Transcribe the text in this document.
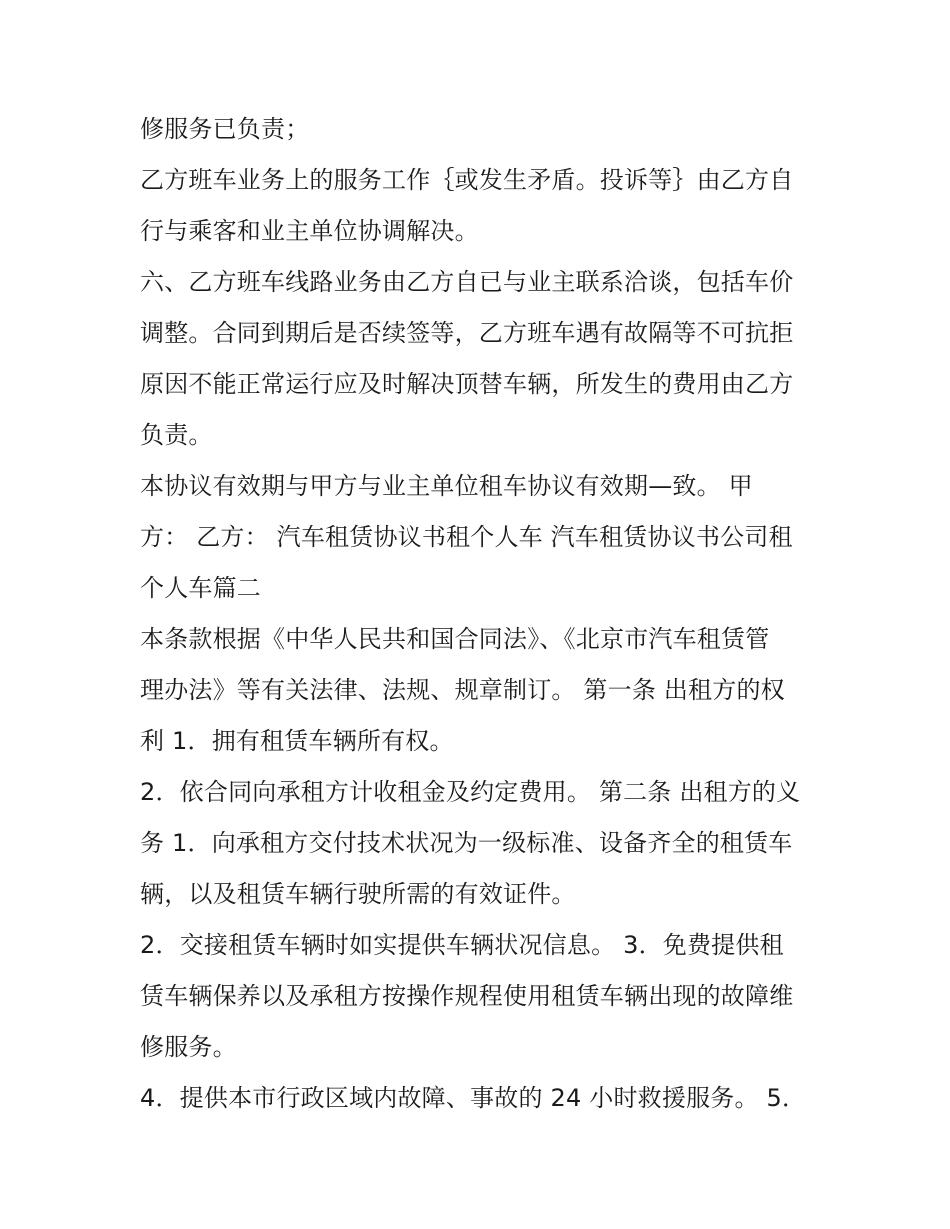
修服务已负责；
乙方班车业务上的服务工作｛或发生矛盾。投诉等｝由乙方自
行与乘客和业主单位协调解决。
六、乙方班车线路业务由乙方自已与业主联系洽谈，包括车价
调整。合同到期后是否续签等，乙方班车遇有故隔等不可抗拒
原因不能正常运行应及时解决顶替车辆，所发生的费用由乙方
负责。
本协议有效期与甲方与业主单位租车协议有效期—致。 甲
方： 乙方： 汽车租赁协议书租个人车 汽车租赁协议书公司租
个人车篇二
本条款根据《中华人民共和国合同法》、《北京市汽车租赁管
理办法》等有关法律、法规、规章制订。 第一条 出租方的权
利 1．拥有租赁车辆所有权。
2．依合同向承租方计收租金及约定费用。 第二条 出租方的义
务 1．向承租方交付技术状况为一级标准、设备齐全的租赁车
辆，以及租赁车辆行驶所需的有效证件。
2．交接租赁车辆时如实提供车辆状况信息。 3．免费提供租
赁车辆保养以及承租方按操作规程使用租赁车辆出现的故障维
修服务。
4．提供本市行政区域内故障、事故的 24 小时救援服务。 5．
